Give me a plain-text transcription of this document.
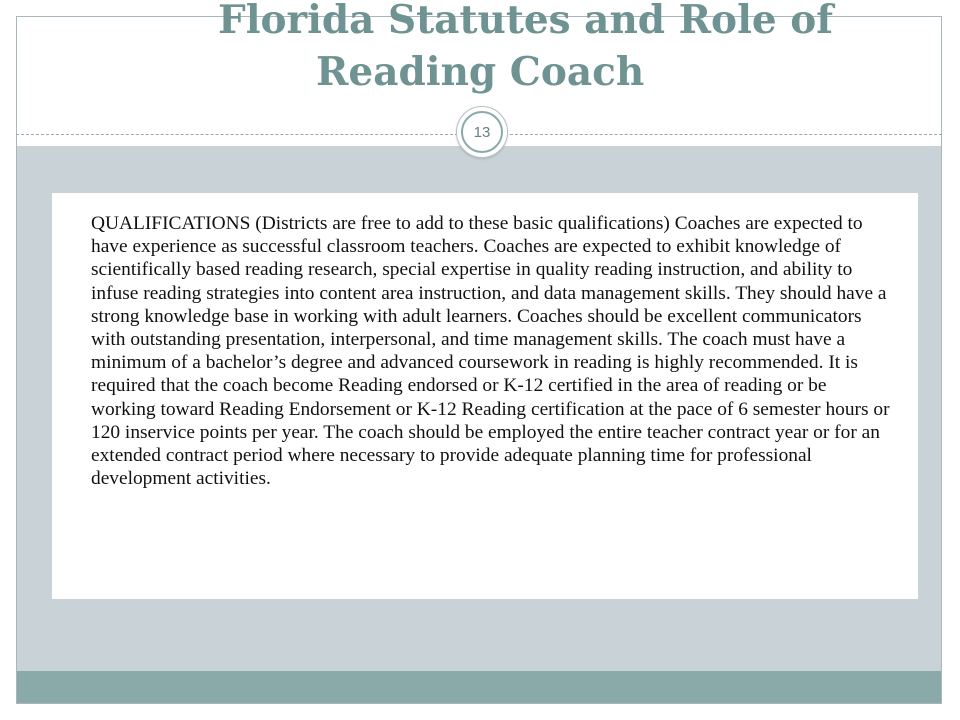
Florida Statutes and Role of
Reading Coach
13

QUALIFICATIONS (Districts are free to add to these basic qualifications) Coaches are expected to have experience as successful classroom teachers. Coaches are expected to exhibit knowledge of scientifically based reading research, special expertise in quality reading instruction, and ability to infuse reading strategies into content area instruction, and data management skills. They should have a strong knowledge base in working with adult learners. Coaches should be excellent communicators with outstanding presentation, interpersonal, and time management skills. The coach must have a minimum of a bachelor’s degree and advanced coursework in reading is highly recommended. It is required that the coach become Reading endorsed or K-12 certified in the area of reading or be working toward Reading Endorsement or K-12 Reading certification at the pace of 6 semester hours or 120 inservice points per year. The coach should be employed the entire teacher contract year or for an extended contract period where necessary to provide adequate planning time for professional development activities.
